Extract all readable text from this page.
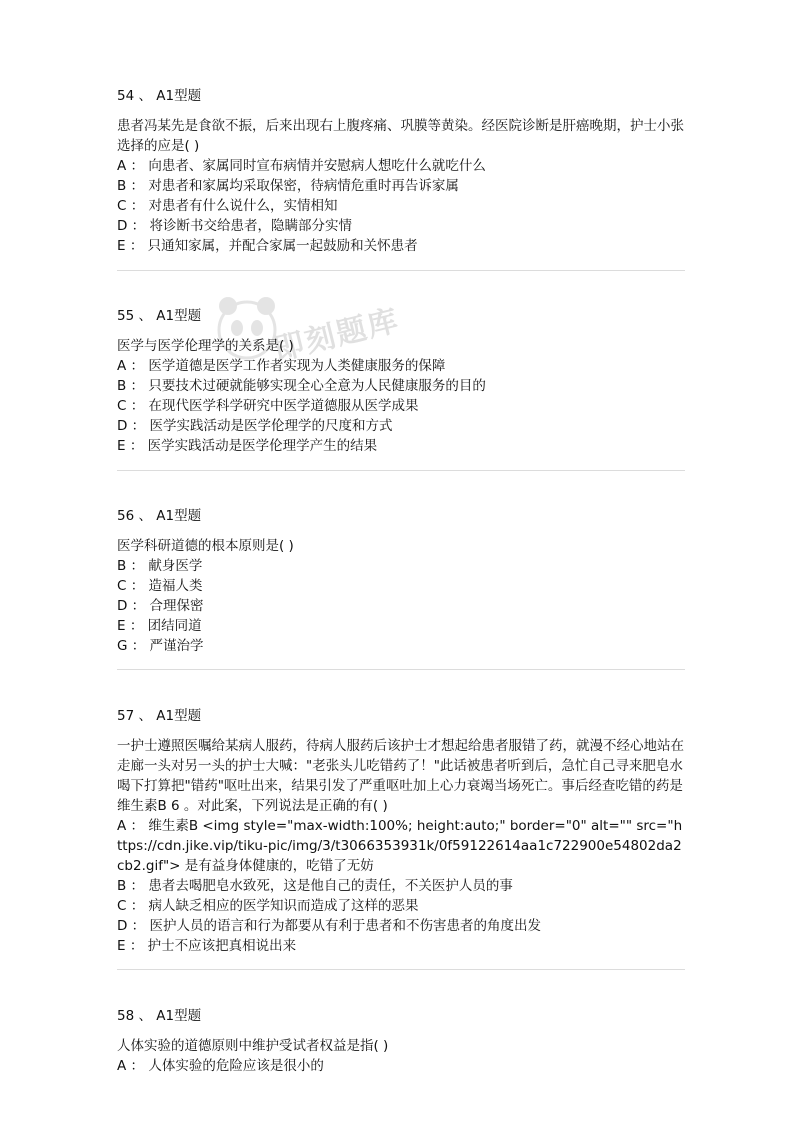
即刻题库
54 、 A1型题
患者冯某先是食欲不振，后来出现右上腹疼痛、巩膜等黄染。经医院诊断是肝癌晚期，护士小张选择的应是( )
A ： 向患者、家属同时宣布病情并安慰病人想吃什么就吃什么
B ： 对患者和家属均采取保密，待病情危重时再告诉家属
C ： 对患者有什么说什么，实情相知
D ： 将诊断书交给患者，隐瞒部分实情
E ： 只通知家属，并配合家属一起鼓励和关怀患者
55 、 A1型题
医学与医学伦理学的关系是( )
A ： 医学道德是医学工作者实现为人类健康服务的保障
B ： 只要技术过硬就能够实现全心全意为人民健康服务的目的
C ： 在现代医学科学研究中医学道德服从医学成果
D ： 医学实践活动是医学伦理学的尺度和方式
E ： 医学实践活动是医学伦理学产生的结果
56 、 A1型题
医学科研道德的根本原则是( )
B ： 献身医学
C ： 造福人类
D ： 合理保密
E ： 团结同道
G ： 严谨治学
57 、 A1型题
一护士遵照医嘱给某病人服药，待病人服药后该护士才想起给患者服错了药，就漫不经心地站在走廊一头对另一头的护士大喊："老张头儿吃错药了！"此话被患者听到后，急忙自己寻来肥皂水喝下打算把"错药"呕吐出来，结果引发了严重呕吐加上心力衰竭当场死亡。事后经查吃错的药是维生素B 6 。对此案，下列说法是正确的有( )
A ： 维生素B <img style="max-width:100%; height:auto;" border="0" alt="" src="https://cdn.jike.vip/tiku-pic/img/3/t3066353931k/0f59122614aa1c722900e54802da2cb2.gif"> 是有益身体健康的，吃错了无妨
B ： 患者去喝肥皂水致死，这是他自己的责任，不关医护人员的事
C ： 病人缺乏相应的医学知识而造成了这样的恶果
D ： 医护人员的语言和行为都要从有利于患者和不伤害患者的角度出发
E ： 护士不应该把真相说出来
58 、 A1型题
人体实验的道德原则中维护受试者权益是指( )
A ： 人体实验的危险应该是很小的
